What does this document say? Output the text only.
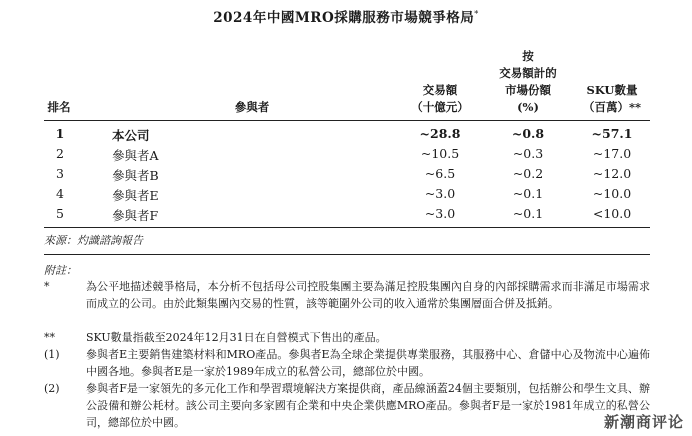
2024年中國MRO採購服務市場競爭格局*
排名	參與者
交易額
（十億元）
按
交易額計的
市場份額
(%)
SKU數量
（百萬）**
1	本公司	~28.8	~0.8	~57.1
2	參與者A	~10.5	~0.3	~17.0
3	參與者B	~6.5	~0.2	~12.0
4	參與者E	~3.0	~0.1	~10.0
5	參與者F	~3.0	~0.1	<10.0
來源：灼識諮詢報告
附註：
*	為公平地描述競爭格局，本分析不包括母公司控股集團主要為滿足控股集團內自身的內部採購需求而非滿足市場需求而成立的公司。由於此類集團內交易的性質，該等範圍外公司的收入通常於集團層面合併及抵銷。
**	SKU數量指截至2024年12月31日在自營模式下售出的產品。
(1) 參與者E主要銷售建築材料和MRO產品。參與者E為全球企業提供專業服務，其服務中心、倉儲中心及物流中心遍佈中國各地。參與者E是一家於1989年成立的私營公司，總部位於中國。
(2) 參與者F是一家領先的多元化工作和學習環境解決方案提供商，產品線涵蓋24個主要類別，包括辦公和學生文具、辦公設備和辦公耗材。該公司主要向多家國有企業和中央企業供應MRO產品。參與者F是一家於1981年成立的私營公司，總部位於中國。	新潮商评论
